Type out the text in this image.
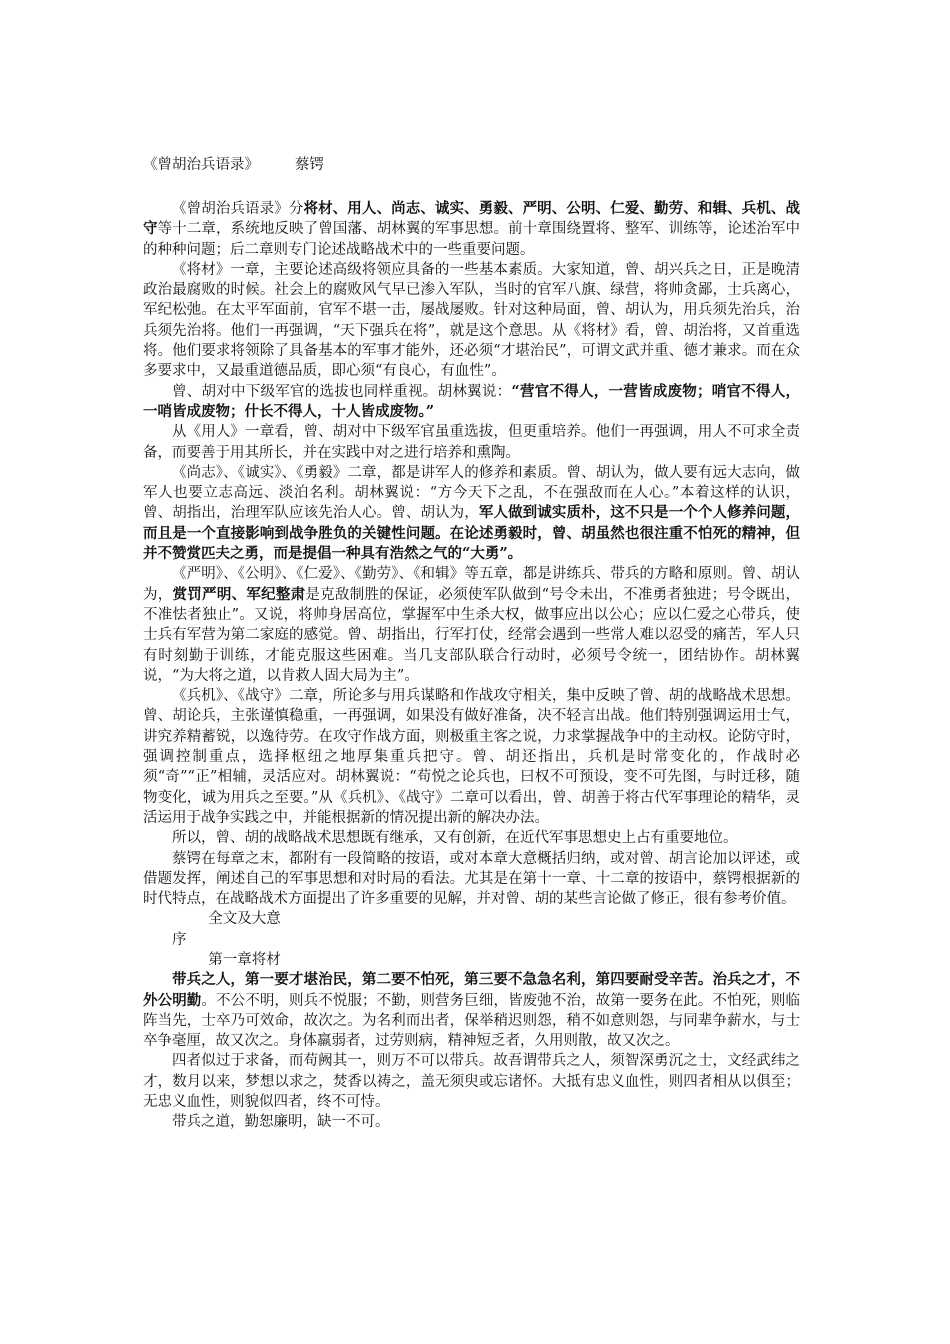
《曾胡治兵语录》 蔡锷

《曾胡治兵语录》分将材、用人、尚志、诚实、勇毅、严明、公明、仁爱、勤劳、和辑、兵机、战守等十二章，系统地反映了曾国藩、胡林翼的军事思想。前十章围绕置将、整军、训练等，论述治军中的种种问题；后二章则专门论述战略战术中的一些重要问题。

《将材》一章，主要论述高级将领应具备的一些基本素质。大家知道，曾、胡兴兵之日，正是晚清政治最腐败的时候。社会上的腐败风气早已渗入军队，当时的官军八旗、绿营，将帅贪鄙，士兵离心，军纪松弛。在太平军面前，官军不堪一击，屡战屡败。针对这种局面，曾、胡认为，用兵须先治兵，治兵须先治将。他们一再强调，“天下强兵在将”，就是这个意思。从《将材》看，曾、胡治将，又首重选将。他们要求将领除了具备基本的军事才能外，还必须“才堪治民”，可谓文武并重、德才兼求。而在众多要求中，又最重道德品质，即心须“有良心，有血性”。

曾、胡对中下级军官的选拔也同样重视。胡林翼说：“营官不得人，一营皆成废物；哨官不得人，一哨皆成废物；什长不得人，十人皆成废物。”

从《用人》一章看，曾、胡对中下级军官虽重选拔，但更重培养。他们一再强调，用人不可求全责备，而要善于用其所长，并在实践中对之进行培养和熏陶。

《尚志》、《诚实》、《勇毅》二章，都是讲军人的修养和素质。曾、胡认为，做人要有远大志向，做军人也要立志高远、淡泊名利。胡林翼说：“方今天下之乱，不在强敌而在人心。”本着这样的认识，曾、胡指出，治理军队应该先治人心。曾、胡认为，军人做到诚实质朴，这不只是一个个人修养问题，而且是一个直接影响到战争胜负的关键性问题。在论述勇毅时，曾、胡虽然也很注重不怕死的精神，但并不赞赏匹夫之勇，而是提倡一种具有浩然之气的“大勇”。

《严明》、《公明》、《仁爱》、《勤劳》、《和辑》等五章，都是讲练兵、带兵的方略和原则。曾、胡认为，赏罚严明、军纪整肃是克敌制胜的保证，必须使军队做到“号令未出，不准勇者独进；号令既出，不准怯者独止”。又说，将帅身居高位，掌握军中生杀大权，做事应出以公心；应以仁爱之心带兵，使士兵有军营为第二家庭的感觉。曾、胡指出，行军打仗，经常会遇到一些常人难以忍受的痛苦，军人只有时刻勤于训练，才能克服这些困难。当几支部队联合行动时，必须号令统一，团结协作。胡林翼说，“为大将之道，以肯救人固大局为主”。

《兵机》、《战守》二章，所论多与用兵谋略和作战攻守相关，集中反映了曾、胡的战略战术思想。曾、胡论兵，主张谨慎稳重，一再强调，如果没有做好准备，决不轻言出战。他们特别强调运用士气，讲究养精蓄锐，以逸待劳。在攻守作战方面，则极重主客之说，力求掌握战争中的主动权。论防守时，强调控制重点，选择枢纽之地厚集重兵把守。曾、胡还指出，兵机是时常变化的，作战时必须“奇”“正”相辅，灵活应对。胡林翼说：“苟悦之论兵也，曰权不可预设，变不可先图，与时迁移，随物变化，诚为用兵之至要。”从《兵机》、《战守》二章可以看出，曾、胡善于将古代军事理论的精华，灵活运用于战争实践之中，并能根据新的情况提出新的解决办法。

所以，曾、胡的战略战术思想既有继承，又有创新，在近代军事思想史上占有重要地位。

蔡锷在每章之末，都附有一段简略的按语，或对本章大意概括归纳，或对曾、胡言论加以评述，或借题发挥，阐述自己的军事思想和对时局的看法。尤其是在第十一章、十二章的按语中，蔡锷根据新的时代特点，在战略战术方面提出了许多重要的见解，并对曾、胡的某些言论做了修正，很有参考价值。

全文及大意

序

第一章将材

带兵之人，第一要才堪治民，第二要不怕死，第三要不急急名利，第四要耐受辛苦。治兵之才，不外公明勤。不公不明，则兵不悦服；不勤，则营务巨细，皆废弛不治，故第一要务在此。不怕死，则临阵当先，士卒乃可效命，故次之。为名利而出者，保举稍迟则怨，稍不如意则怨，与同辈争薪水，与士卒争毫厘，故又次之。身体羸弱者，过劳则病，精神短乏者，久用则散，故又次之。

四者似过于求备，而苟阙其一，则万不可以带兵。故吾谓带兵之人，须智深勇沉之士，文经武纬之才，数月以来，梦想以求之，焚香以祷之，盖无须臾或忘诸怀。大抵有忠义血性，则四者相从以俱至；无忠义血性，则貌似四者，终不可恃。

带兵之道，勤恕廉明，缺一不可。
